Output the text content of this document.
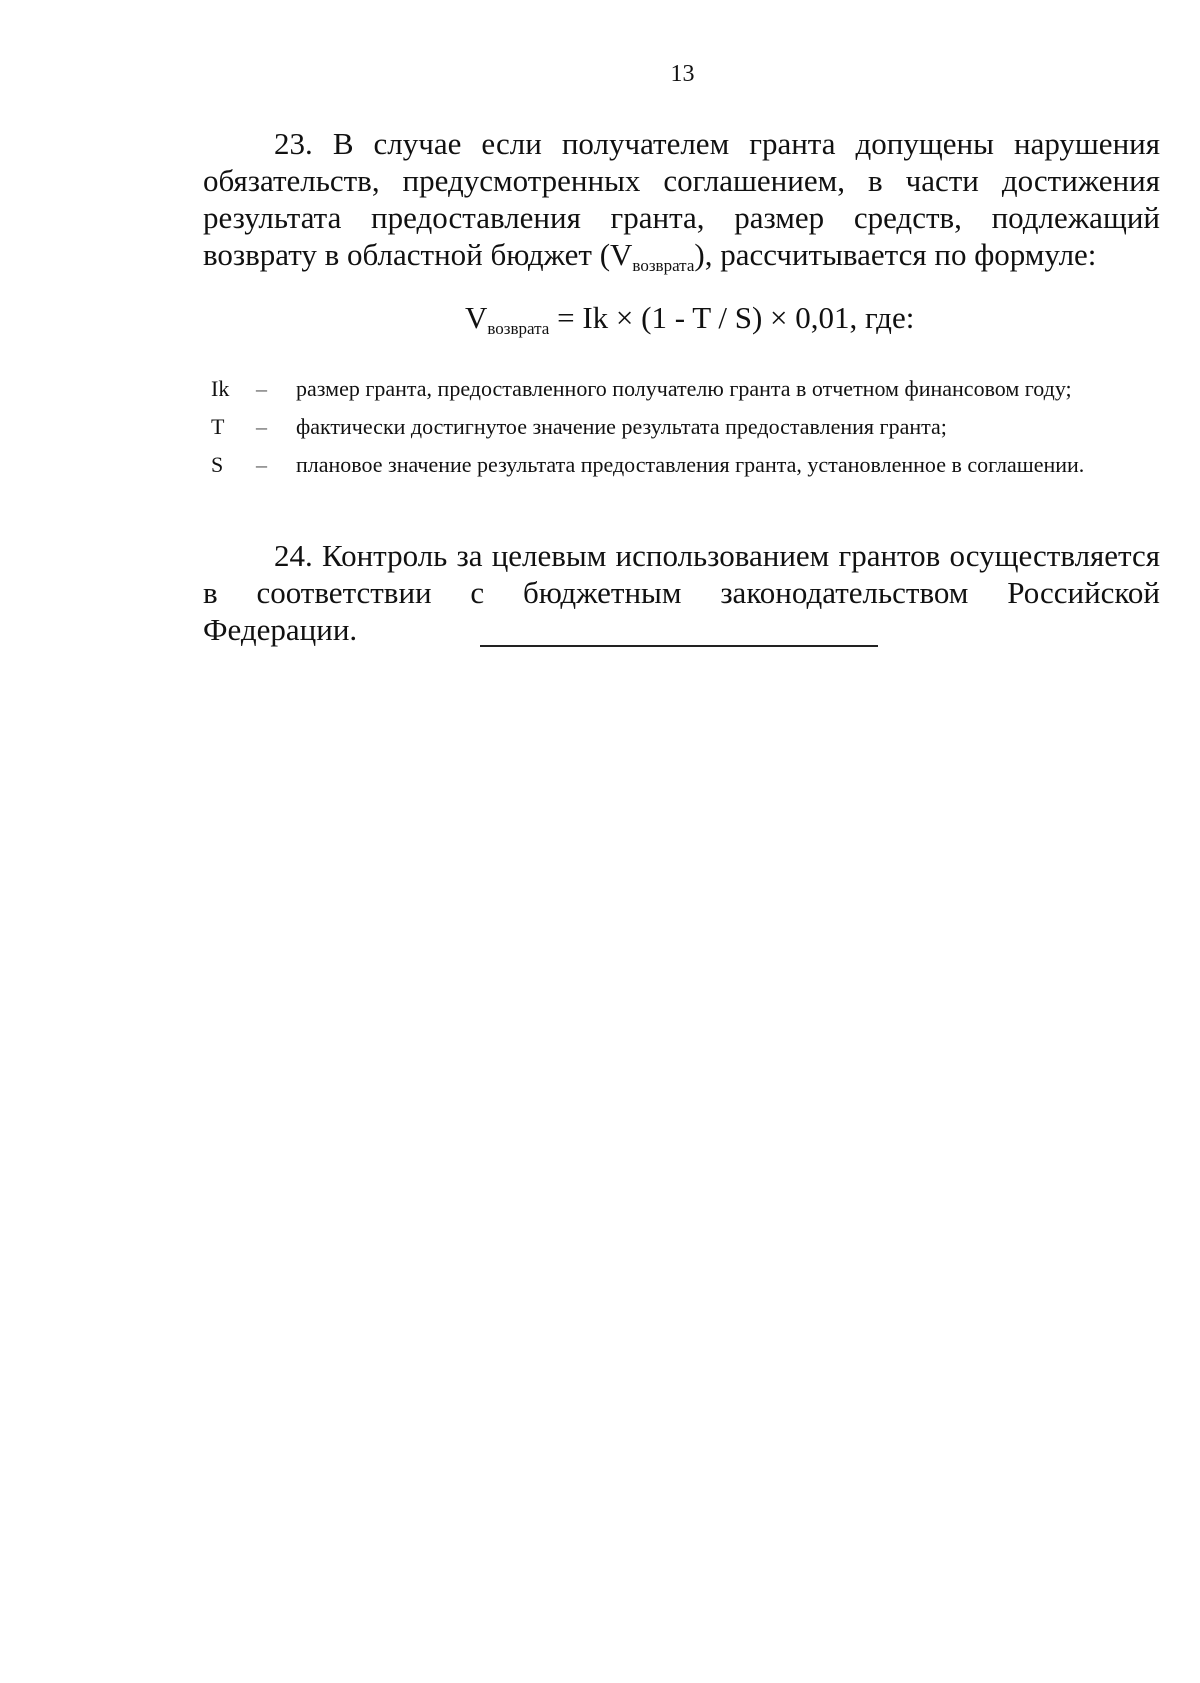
13
23. В случае если получателем гранта допущены нарушения обязательств, предусмотренных соглашением, в части достижения результата предоставления гранта, размер средств, подлежащий возврату в областной бюджет $(V_{возврата})$, рассчитывается по формуле:
$V_{возврата} = Ik \times (1 - T / S) \times 0,01$, где:
Ik	–	размер гранта, предоставленного получателю гранта в отчетном финансовом году;
T	–	фактически достигнутое значение результата предоставления гранта;
S	–	плановое значение результата предоставления гранта, установленное в соглашении.
24. Контроль за целевым использованием грантов осуществляется в соответствии с бюджетным законодательством Российской Федерации.
